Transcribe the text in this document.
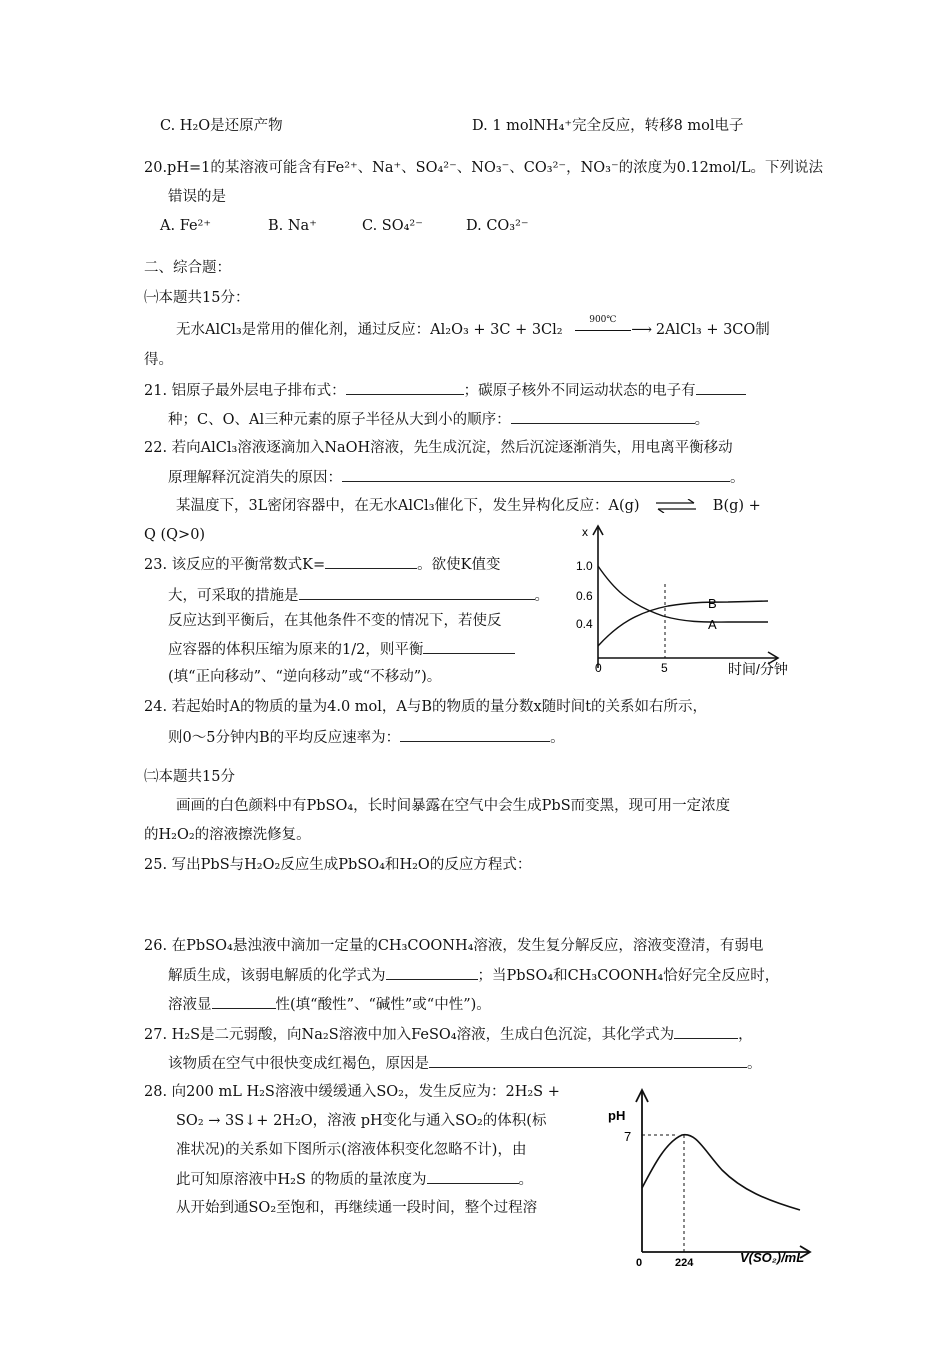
C. H₂O是还原产物	D. 1 molNH₄⁺完全反应，转移8 mol电子
20.pH=1的某溶液可能含有Fe²⁺、Na⁺、SO₄²⁻、NO₃⁻、CO₃²⁻，NO₃⁻的浓度为0.12mol/L。下列说法
错误的是
A. Fe²⁺	B. Na⁺	C. SO₄²⁻	D. CO₃²⁻
二、综合题：
㈠本题共15分：
无水AlCl₃是常用的催化剂，通过反应：Al₂O₃ + 3C + 3Cl₂
900℃
⟶ 2AlCl₃ + 3CO制
得。
21. 铝原子最外层电子排布式：	；碳原子核外不同运动状态的电子有
种；C、O、Al三种元素的原子半径从大到小的顺序：	。
22. 若向AlCl₃溶液逐滴加入NaOH溶液，先生成沉淀，然后沉淀逐渐消失，用电离平衡移动
原理解释沉淀消失的原因：	。
某温度下，3L密闭容器中，在无水AlCl₃催化下，发生异构化反应：A(g) ⇌ B(g) +
Q (Q>0)
23. 该反应的平衡常数式K=	。欲使K值变
大，可采取的措施是	。
反应达到平衡后，在其他条件不变的情况下，若使反
应容器的体积压缩为原来的1/2，则平衡
(填“正向移动”、“逆向移动”或“不移动”)。
x
1.0
0.6
0.4
B
A
0	5	时间/分钟
24. 若起始时A的物质的量为4.0 mol，A与B的物质的量分数x随时间t的关系如右所示，
则0～5分钟内B的平均反应速率为：	。
㈡本题共15分
画画的白色颜料中有PbSO₄，长时间暴露在空气中会生成PbS而变黑，现可用一定浓度
的H₂O₂的溶液擦洗修复。
25. 写出PbS与H₂O₂反应生成PbSO₄和H₂O的反应方程式：
26. 在PbSO₄悬浊液中滴加一定量的CH₃COONH₄溶液，发生复分解反应，溶液变澄清，有弱电
解质生成，该弱电解质的化学式为	；当PbSO₄和CH₃COONH₄恰好完全反应时，
溶液显	性(填“酸性”、“碱性”或“中性”)。
27. H₂S是二元弱酸，向Na₂S溶液中加入FeSO₄溶液，生成白色沉淀，其化学式为	，
该物质在空气中很快变成红褐色，原因是	。
28. 向200 mL H₂S溶液中缓缓通入SO₂，发生反应为：2H₂S +
SO₂ → 3S↓+ 2H₂O，溶液 pH变化与通入SO₂的体积(标
准状况)的关系如下图所示(溶液体积变化忽略不计)，由
此可知原溶液中H₂S 的物质的量浓度为	。
从开始到通SO₂至饱和，再继续通一段时间，整个过程溶
pH
7
0	224	V(SO₂)/mL
